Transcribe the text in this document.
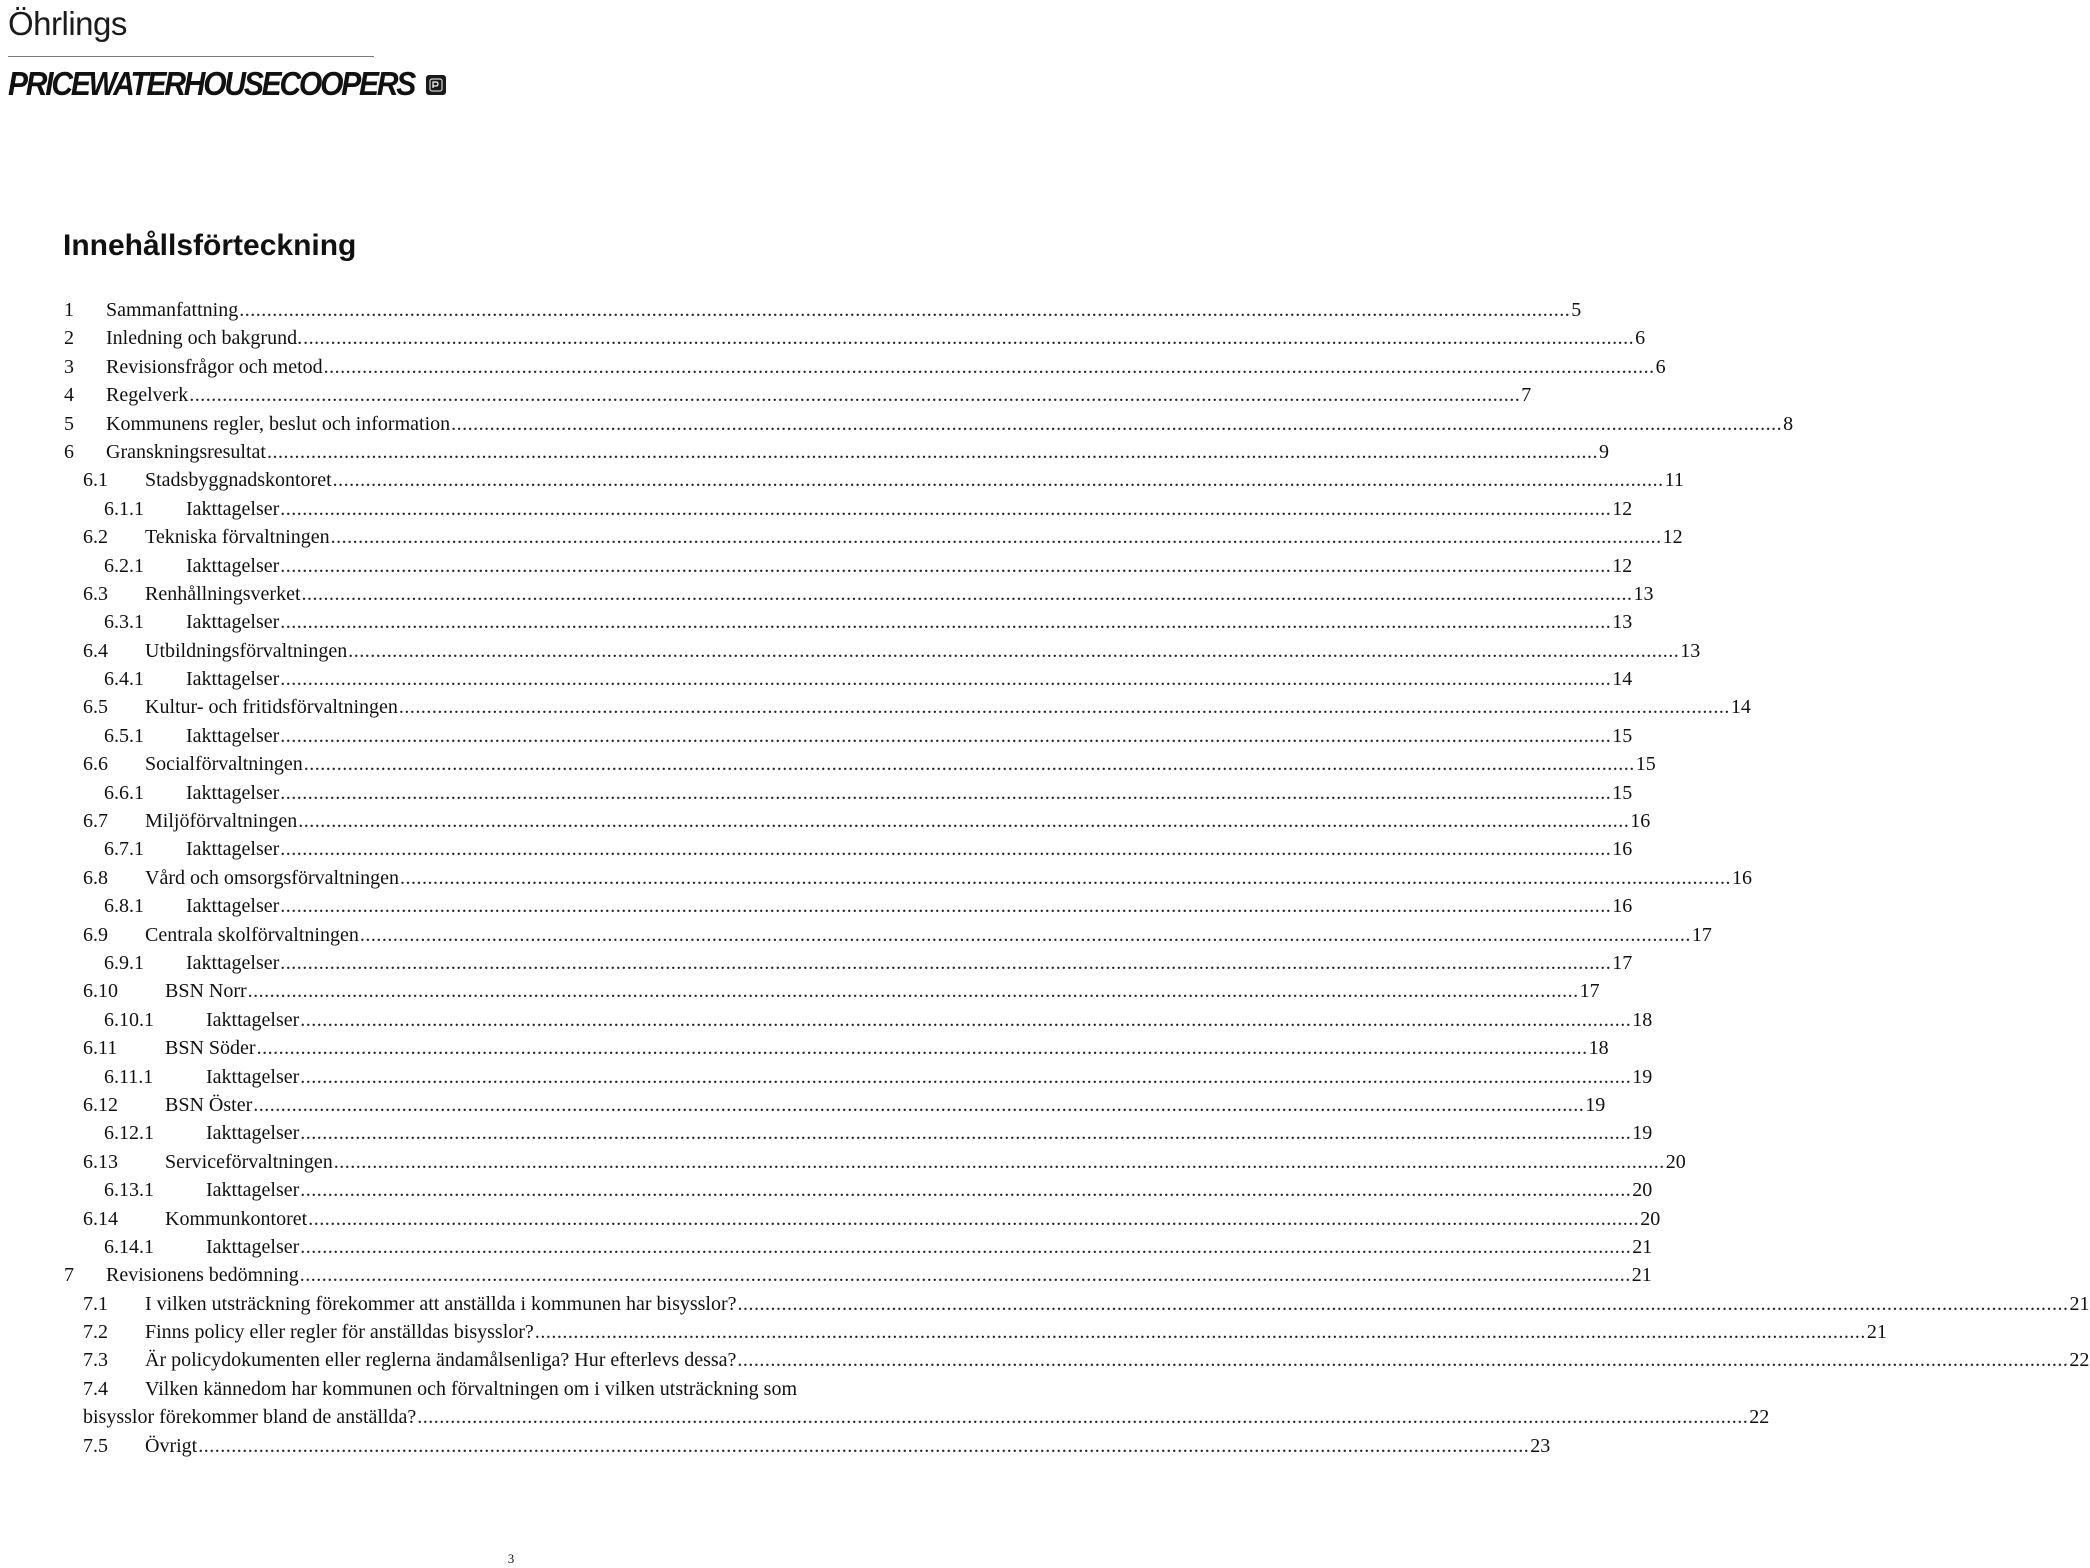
Öhrlings
PRICEWATERHOUSECOOPERS
Innehållsförteckning
1	Sammanfattning .....	5
2	Inledning och bakgrund. .....	6
3	Revisionsfrågor och metod .....	6
4	Regelverk .....	7
5	Kommunens regler, beslut och information .....	8
6	Granskningsresultat .....	9
6.1	Stadsbyggnadskontoret .....	11
6.1.1	Iakttagelser .....	12
6.2	Tekniska förvaltningen .....	12
6.2.1	Iakttagelser .....	12
6.3	Renhållningsverket .....	13
6.3.1	Iakttagelser .....	13
6.4	Utbildningsförvaltningen .....	13
6.4.1	Iakttagelser .....	14
6.5	Kultur- och fritidsförvaltningen .....	14
6.5.1	Iakttagelser .....	15
6.6	Socialförvaltningen .....	15
6.6.1	Iakttagelser .....	15
6.7	Miljöförvaltningen .....	16
6.7.1	Iakttagelser .....	16
6.8	Vård och omsorgsförvaltningen .....	16
6.8.1	Iakttagelser .....	16
6.9	Centrala skolförvaltningen .....	17
6.9.1	Iakttagelser .....	17
6.10	BSN Norr .....	17
6.10.1	Iakttagelser .....	18
6.11	BSN Söder .....	18
6.11.1	Iakttagelser .....	19
6.12	BSN Öster .....	19
6.12.1	Iakttagelser .....	19
6.13	Serviceförvaltningen .....	20
6.13.1	Iakttagelser .....	20
6.14	Kommunkontoret .....	20
6.14.1	Iakttagelser .....	21
7	Revisionens bedömning .....	21
7.1	I vilken utsträckning förekommer att anställda i kommunen har bisysslor? .....	21
7.2	Finns policy eller regler för anställdas bisysslor? .....	21
7.3	Är policydokumenten eller reglerna ändamålsenliga? Hur efterlevs dessa? .....	22
7.4	Vilken kännedom har kommunen och förvaltningen om i vilken utsträckning som
bisysslor förekommer bland de anställda? .....	22
7.5	Övrigt .....	23
3
